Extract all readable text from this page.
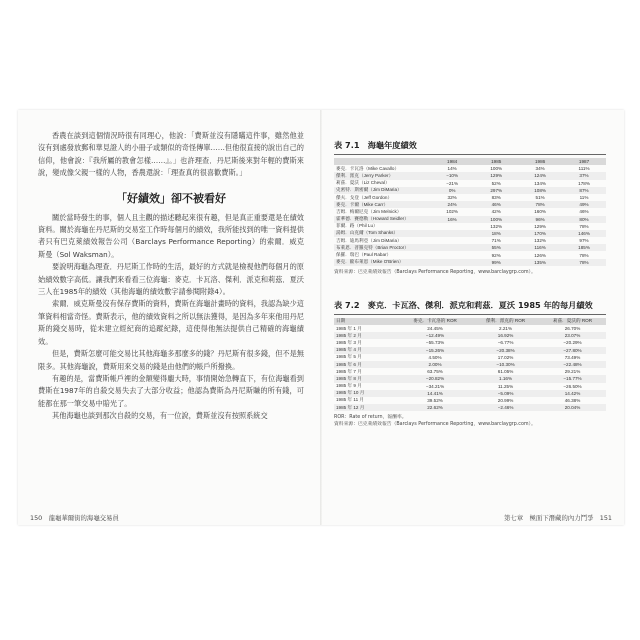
香農在談到這個情況時很有同理心，他說：「費斯並沒有隱瞞這件事，雖然他並沒有到處發放郵和華見證人的小冊子或類似的奇怪傳單……但他很直接的說出自己的信仰，他會說：『我所屬的教會怎樣……』。」也許理查．丹尼斯後來對年輕的費斯來說，變成像父親一樣的人物，香農還說：「理查真的很喜歡費斯。」

「好績效」卻不被看好

關於當時發生的事，個人且主觀的描述聽起來很有趣，但是真正重要還是在績效資料。關於海龜在丹尼斯的交易室工作時每個月的績效，我所能找到的唯一資料提供者只有巴克萊績效報告公司（Barclays Performance Reporting）的索爾．威克斯曼（Sol Waksman）。

要說明海龜為理查．丹尼斯工作時的生活，最好的方式就是檢視他們每個月的原始績效數字高低。讓我們來看看三位海龜：麥克．卡瓦洛、傑利．派克和莉茲．夏沃三人在1985年的績效（其他海龜的績效數字請參閱附錄4）。

索爾．威克斯曼沒有保存費斯的資料，費斯在海龜計畫時的資料，我認為缺少這筆資料相當奇怪。費斯表示，他的績效資料之所以無法獲得，是因為多年來他用丹尼斯的錢交易時，從未建立經紀商的追蹤紀錄，這使得他無法提供自己精確的海龜績效。

但是，費斯怎麼可能交易比其他海龜多那麼多的錢？丹尼斯有很多錢，但不是無限多。其他海龜說，費斯用來交易的錢是由他們的帳戶所撥換。

有趣的是，當費斯帳戶裡的金額變得龐大時，事情開始急轉直下，有位海龜看到費斯在1987年的自殺交易失去了大部分收益；他認為費斯為丹尼斯賺的所有錢，可能都在那一筆交易中賠光了。

其他海龜也談到那次自殺的交易，有一位說，費斯並沒有按照系統交

150　龍龜華爾街的海龜交易員
表 7.1　海龜年度績效
	1984	1985	1986	1987
麥克．卡瓦洛（Mike Cavallo）	14%	100%	34%	111%
傑利．派克（Jerry Parker）	−10%	129%	124%	37%
莉茲．夏沃（Liz Cheval）	−21%	52%	134%	178%
史密特．斯密爾（Jim DiMaria）	0%	297%	108%	87%
傑夫．戈登（Jeff Gordon）	32%	83%	51%	11%
麥克．卡爾（Mike Carr）	24%	46%	78%	49%
吉姆．梅爾尼克（Jim Melnick）	102%	42%	160%	46%
霍華德．賽德勒（Howard Seidler）	16%	100%	96%	80%
菲爾．路（Phil Lu）		132%	129%	78%
湯姆．山克爾（Tom Shanks）		18%	170%	146%
吉姆．迪馬利亞（Jim DiMaria）		71%	132%	97%
布萊恩．普羅克特（Brian Proctor）		55%	116%	185%
保羅．瑞巴（Paul Rabar）		92%	126%	78%
麥克．歐布萊恩（Mike O'Brien）		99%	135%	78%
資料來源：巴克萊績效報告（Barclays Performance Reporting，www.barclaygrp.com）。
表 7.2　麥克．卡瓦洛、傑利．派克和莉茲．夏沃 1985 年的每月績效
日期	麥克．卡瓦洛的 ROR	傑利．派克的 ROR	莉茲．夏沃的 ROR
1985 年 1 月	24.45%	2.21%	26.70%
1985 年 2 月	−12.49%	16.92%	23.07%
1985 年 3 月	−55.73%	−6.77%	−20.29%
1985 年 4 月	−15.26%	−20.38%	−27.80%
1985 年 5 月	4.50%	17.02%	73.49%
1985 年 6 月	2.00%	−10.30%	−22.48%
1985 年 7 月	63.75%	61.05%	29.21%
1985 年 8 月	−20.82%	1.16%	−15.77%
1985 年 9 月	−34.21%	11.25%	−26.50%
1985 年 10 月	14.41%	−5.09%	14.42%
1985 年 11 月	39.52%	20.99%	46.38%
1985 年 12 月	22.62%	−2.46%	20.04%
ROR：Rate of return，報酬率。
資料來源：巴克萊績效報告（Barclays Performance Reporting，www.barclaygrp.com）。
第七章　極面下潛藏的內力鬥爭　151
